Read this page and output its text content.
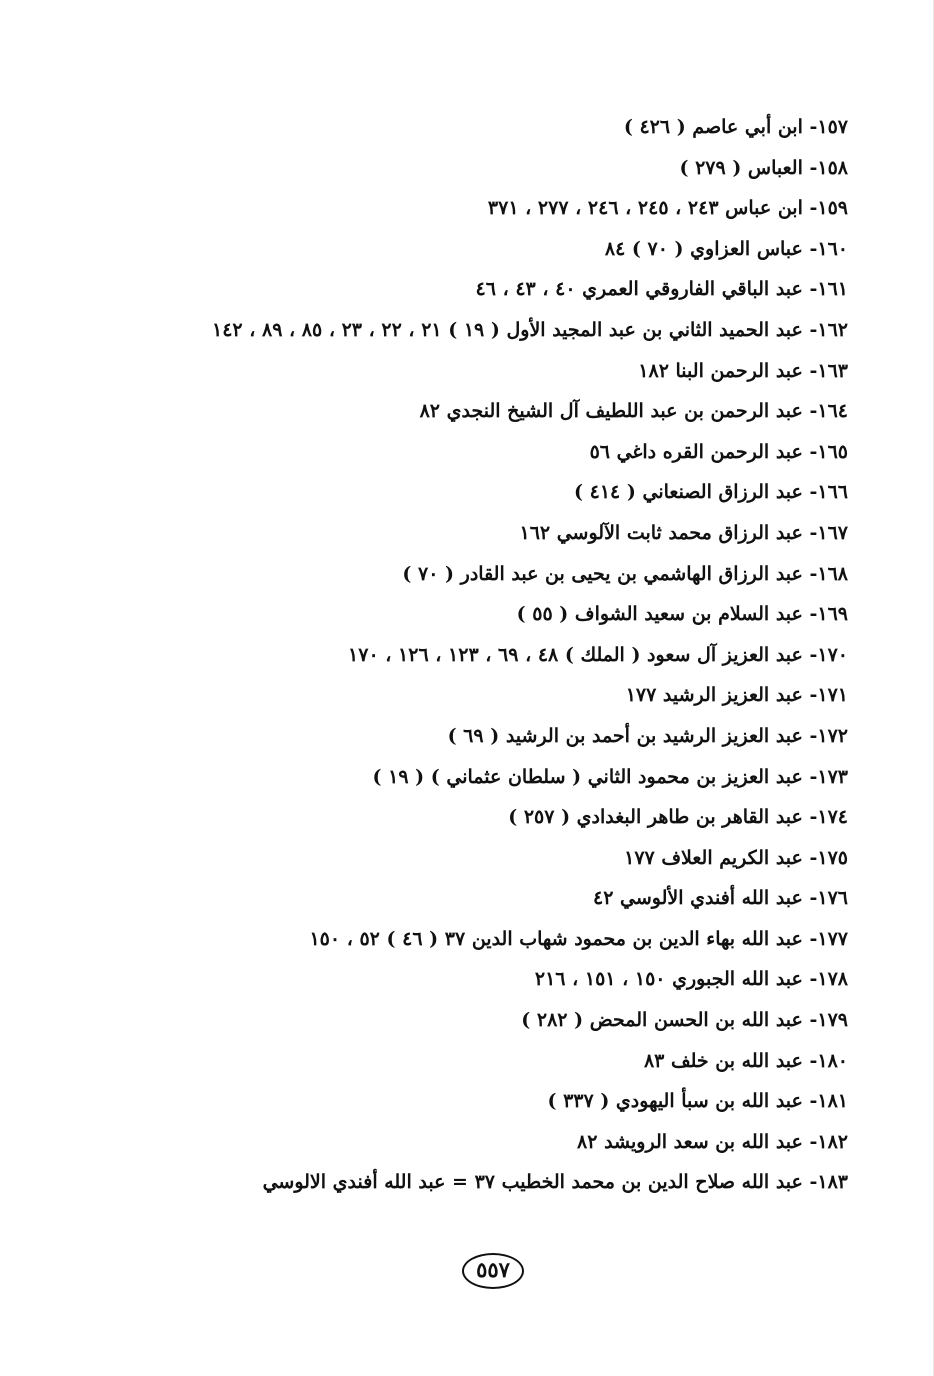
١٥٧- ابن أبي عاصم ( ٤٢٦ )
١٥٨- العباس ( ٢٧٩ )
١٥٩- ابن عباس ٢٤٣ ، ٢٤٥ ، ٢٤٦ ، ٢٧٧ ، ٣٧١
١٦٠- عباس العزاوي ( ٧٠ ) ٨٤
١٦١- عبد الباقي الفاروقي العمري ٤٠ ، ٤٣ ، ٤٦
١٦٢- عبد الحميد الثاني بن عبد المجيد الأول ( ١٩ ) ٢١ ، ٢٢ ، ٢٣ ، ٨٥ ، ٨٩ ، ١٤٢
١٦٣- عبد الرحمن البنا ١٨٢
١٦٤- عبد الرحمن بن عبد اللطيف آل الشيخ النجدي ٨٢
١٦٥- عبد الرحمن القره داغي ٥٦
١٦٦- عبد الرزاق الصنعاني ( ٤١٤ )
١٦٧- عبد الرزاق محمد ثابت الآلوسي ١٦٢
١٦٨- عبد الرزاق الهاشمي بن يحيى بن عبد القادر ( ٧٠ )
١٦٩- عبد السلام بن سعيد الشواف ( ٥٥ )
١٧٠- عبد العزيز آل سعود ( الملك ) ٤٨ ، ٦٩ ، ١٢٣ ، ١٢٦ ، ١٧٠
١٧١- عبد العزيز الرشيد ١٧٧
١٧٢- عبد العزيز الرشيد بن أحمد بن الرشيد ( ٦٩ )
١٧٣- عبد العزيز بن محمود الثاني ( سلطان عثماني ) ( ١٩ )
١٧٤- عبد القاهر بن طاهر البغدادي ( ٢٥٧ )
١٧٥- عبد الكريم العلاف ١٧٧
١٧٦- عبد الله أفندي الألوسي ٤٢
١٧٧- عبد الله بهاء الدين بن محمود شهاب الدين ٣٧ ( ٤٦ ) ٥٢ ، ١٥٠
١٧٨- عبد الله الجبوري ١٥٠ ، ١٥١ ، ٢١٦
١٧٩- عبد الله بن الحسن المحض ( ٢٨٢ )
١٨٠- عبد الله بن خلف ٨٣
١٨١- عبد الله بن سبأ اليهودي ( ٣٣٧ )
١٨٢- عبد الله بن سعد الرويشد ٨٢
١٨٣- عبد الله صلاح الدين بن محمد الخطيب ٣٧ = عبد الله أفندي الالوسي
٥٥٧
